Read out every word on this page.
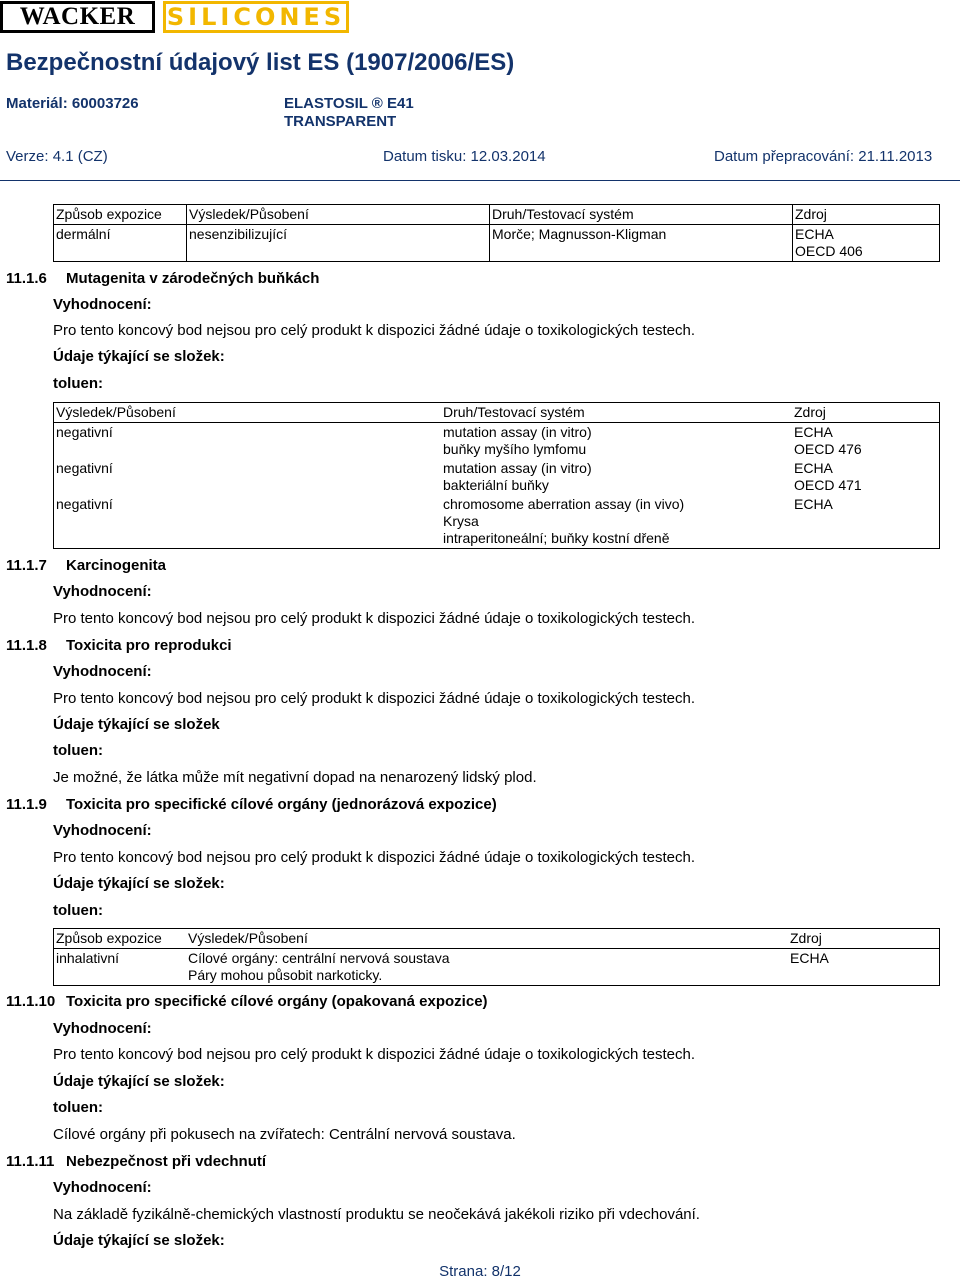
WACKER	SILICONES
Bezpečnostní údajový list ES (1907/2006/ES)
Materiál: 60003726	ELASTOSIL ® E41
TRANSPARENT
Verze: 4.1 (CZ)	Datum tisku: 12.03.2014	Datum přepracování: 21.11.2013
Způsob expozice	Výsledek/Působení	Druh/Testovací systém	Zdroj
dermální	nesenzibilizující	Morče; Magnusson-Kligman	ECHA
OECD 406
11.1.6 Mutagenita v zárodečných buňkách
Vyhodnocení:
Pro tento koncový bod nejsou pro celý produkt k dispozici žádné údaje o toxikologických testech.
Údaje týkající se složek:
toluen:
Výsledek/Působení	Druh/Testovací systém	Zdroj
negativní	mutation assay (in vitro)
buňky myšího lymfomu	ECHA
OECD 476

negativní	mutation assay (in vitro)
bakteriální buňky	ECHA
OECD 471

negativní	chromosome aberration assay (in vivo)
Krysa
intraperitoneální; buňky kostní dřeně	ECHA
11.1.7 Karcinogenita
Vyhodnocení:
Pro tento koncový bod nejsou pro celý produkt k dispozici žádné údaje o toxikologických testech.
11.1.8 Toxicita pro reprodukci
Vyhodnocení:
Pro tento koncový bod nejsou pro celý produkt k dispozici žádné údaje o toxikologických testech.
Údaje týkající se složek
toluen:
Je možné, že látka může mít negativní dopad na nenarozený lidský plod.
11.1.9 Toxicita pro specifické cílové orgány (jednorázová expozice)
Vyhodnocení:
Pro tento koncový bod nejsou pro celý produkt k dispozici žádné údaje o toxikologických testech.
Údaje týkající se složek:
toluen:
Způsob expozice	Výsledek/Působení	Zdroj
inhalativní	Cílové orgány: centrální nervová soustava
Páry mohou působit narkoticky.	ECHA
11.1.10 Toxicita pro specifické cílové orgány (opakovaná expozice)
Vyhodnocení:
Pro tento koncový bod nejsou pro celý produkt k dispozici žádné údaje o toxikologických testech.
Údaje týkající se složek:
toluen:
Cílové orgány při pokusech na zvířatech: Centrální nervová soustava.
11.1.11 Nebezpečnost při vdechnutí
Vyhodnocení:
Na základě fyzikálně-chemických vlastností produktu se neočekává jakékoli riziko při vdechování.
Údaje týkající se složek:
Strana: 8/12
